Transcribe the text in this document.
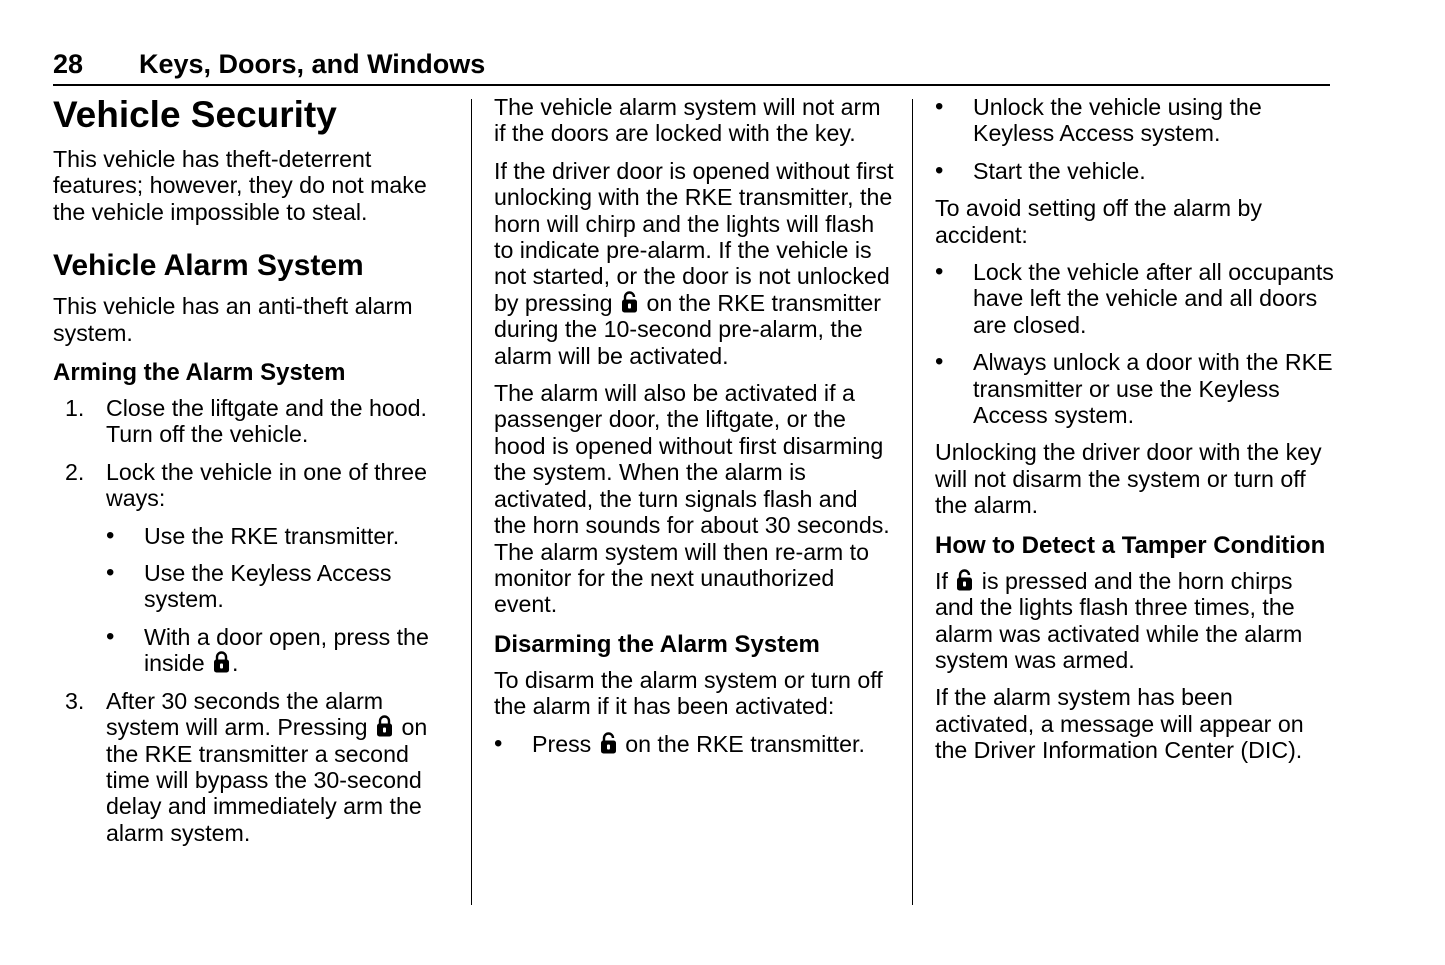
28 Keys, Doors, and Windows
Vehicle Security

This vehicle has theft-deterrent features; however, they do not make the vehicle impossible to steal.

Vehicle Alarm System

This vehicle has an anti-theft alarm system.

Arming the Alarm System
1. Close the liftgate and the hood. Turn off the vehicle.
2. Lock the vehicle in one of three ways:
• Use the RKE transmitter.
• Use the Keyless Access system.
• With a door open, press the inside .
3. After 30 seconds the alarm system will arm. Pressing on the RKE transmitter a second time will bypass the 30-second delay and immediately arm the alarm system.

The vehicle alarm system will not arm if the doors are locked with the key.

If the driver door is opened without first unlocking with the RKE transmitter, the horn will chirp and the lights will flash to indicate pre-alarm. If the vehicle is not started, or the door is not unlocked by pressing on the RKE transmitter during the 10-second pre-alarm, the alarm will be activated.

The alarm will also be activated if a passenger door, the liftgate, or the hood is opened without first disarming the system. When the alarm is activated, the turn signals flash and the horn sounds for about 30 seconds. The alarm system will then re-arm to monitor for the next unauthorized event.

Disarming the Alarm System

To disarm the alarm system or turn off the alarm if it has been activated:

• Press on the RKE transmitter.
• Unlock the vehicle using the Keyless Access system.
• Start the vehicle.

To avoid setting off the alarm by accident:

• Lock the vehicle after all occupants have left the vehicle and all doors are closed.
• Always unlock a door with the RKE transmitter or use the Keyless Access system.

Unlocking the driver door with the key will not disarm the system or turn off the alarm.

How to Detect a Tamper Condition

If is pressed and the horn chirps and the lights flash three times, the alarm was activated while the alarm system was armed.

If the alarm system has been activated, a message will appear on the Driver Information Center (DIC).
